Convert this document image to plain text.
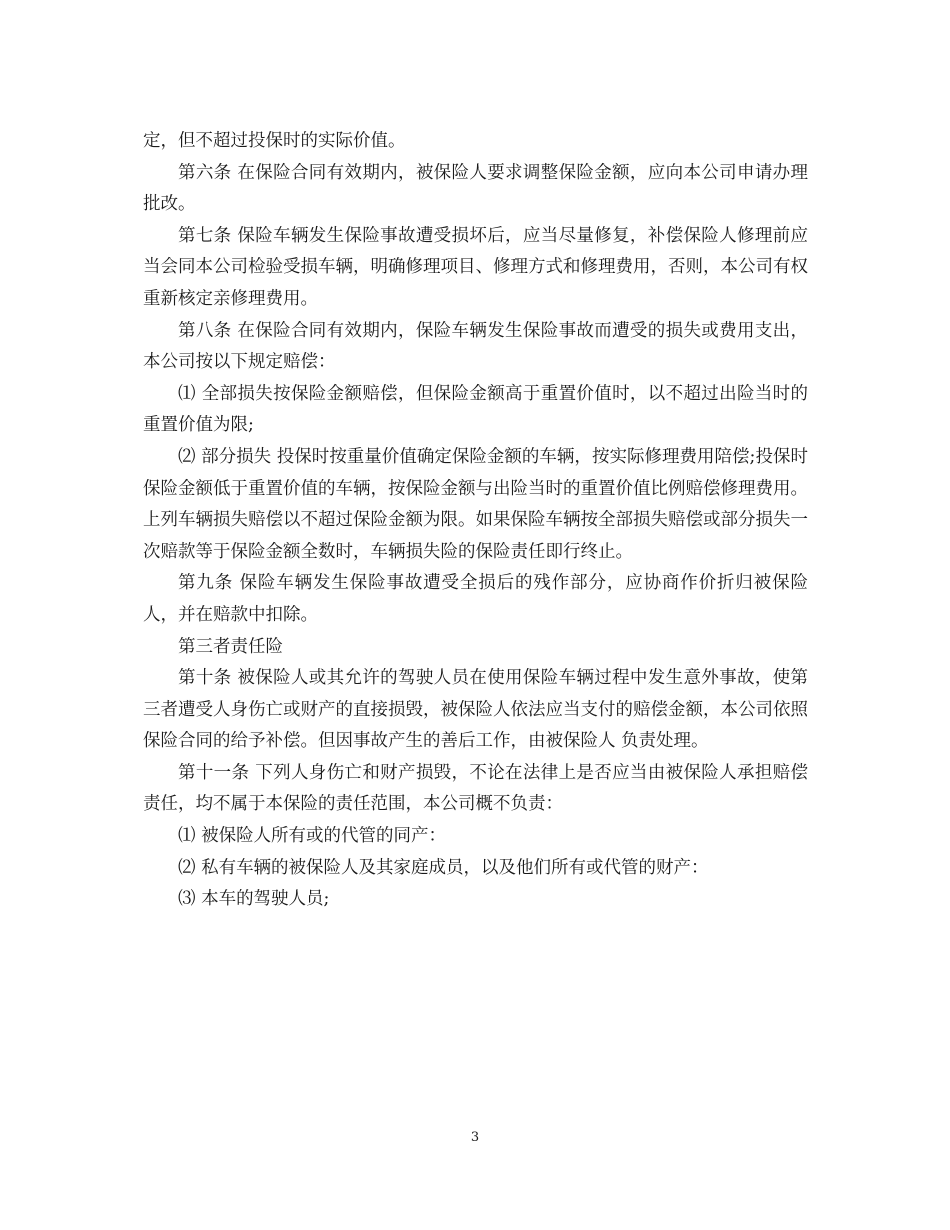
定，但不超过投保时的实际价值。

第六条 在保险合同有效期内，被保险人要求调整保险金额，应向本公司申请办理批改。

第七条 保险车辆发生保险事故遭受损坏后，应当尽量修复，补偿保险人修理前应当会同本公司检验受损车辆，明确修理项目、修理方式和修理费用，否则，本公司有权重新核定亲修理费用。

第八条 在保险合同有效期内，保险车辆发生保险事故而遭受的损失或费用支出，本公司按以下规定赔偿：

⑴ 全部损失按保险金额赔偿，但保险金额高于重置价值时，以不超过出险当时的重置价值为限;

⑵ 部分损失 投保时按重量价值确定保险金额的车辆，按实际修理费用陪偿;投保时保险金额低于重置价值的车辆，按保险金额与出险当时的重置价值比例赔偿修理费用。 上列车辆损失赔偿以不超过保险金额为限。如果保险车辆按全部损失赔偿或部分损失一次赔款等于保险金额全数时，车辆损失险的保险责任即行终止。

第九条 保险车辆发生保险事故遭受全损后的残作部分，应协商作价折归被保险人，并在赔款中扣除。

第三者责任险

第十条 被保险人或其允许的驾驶人员在使用保险车辆过程中发生意外事故，使第三者遭受人身伤亡或财产的直接损毁，被保险人依法应当支付的赔偿金额，本公司依照保险合同的给予补偿。但因事故产生的善后工作，由被保险人 负责处理。

第十一条 下列人身伤亡和财产损毁，不论在法律上是否应当由被保险人承担赔偿责任，均不属于本保险的责任范围，本公司概不负责：

⑴ 被保险人所有或的代管的同产：

⑵ 私有车辆的被保险人及其家庭成员，以及他们所有或代管的财产：

⑶ 本车的驾驶人员;

3
